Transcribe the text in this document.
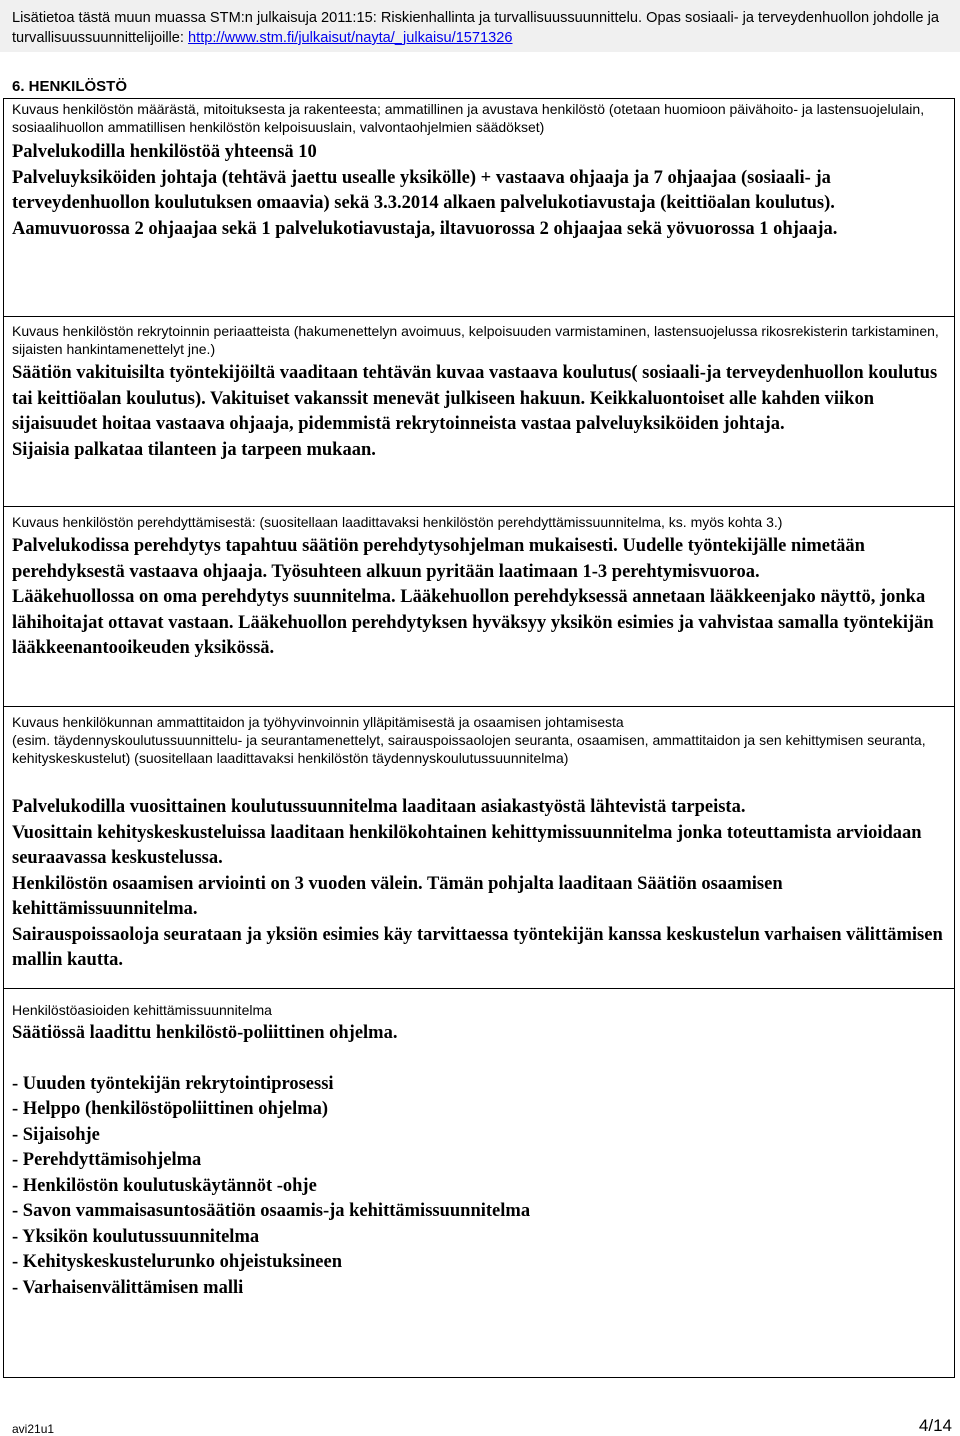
Lisätietoa tästä muun muassa STM:n julkaisuja 2011:15: Riskienhallinta ja turvallisuussuunnittelu. Opas sosiaali- ja terveydenhuollon johdolle ja turvallisuussuunnittelijoille: http://www.stm.fi/julkaisut/nayta/_julkaisu/1571326
6. HENKILÖSTÖ

Kuvaus henkilöstön määrästä, mitoituksesta ja rakenteesta; ammatillinen ja avustava henkilöstö (otetaan huomioon päivähoito- ja lastensuojelulain, sosiaalihuollon ammatillisen henkilöstön kelpoisuuslain, valvontaohjelmien säädökset)

Palvelukodilla henkilöstöä yhteensä 10

Palveluyksiköiden johtaja (tehtävä jaettu usealle yksikölle) + vastaava ohjaaja ja 7 ohjaajaa (sosiaali- ja terveydenhuollon koulutuksen omaavia) sekä 3.3.2014 alkaen palvelukotiavustaja (keittiöalan koulutus).

Aamuvuorossa 2 ohjaajaa sekä 1 palvelukotiavustaja, iltavuorossa 2 ohjaajaa sekä yövuorossa 1 ohjaaja.

Kuvaus henkilöstön rekrytoinnin periaatteista (hakumenettelyn avoimuus, kelpoisuuden varmistaminen, lastensuojelussa rikosrekisterin tarkistaminen, sijaisten hankintamenettelyt jne.)

Säätiön vakituisilta työntekijöiltä vaaditaan tehtävän kuvaa vastaava koulutus( sosiaali-ja terveydenhuollon koulutus tai keittiöalan koulutus). Vakituiset vakanssit menevät julkiseen hakuun. Keikkaluontoiset alle kahden viikon sijaisuudet hoitaa vastaava ohjaaja, pidemmistä rekrytoinneista vastaa palveluyksiköiden johtaja.

Sijaisia palkataa tilanteen ja tarpeen mukaan.

Kuvaus henkilöstön perehdyttämisestä: (suositellaan laadittavaksi henkilöstön perehdyttämissuunnitelma, ks. myös kohta 3.)

Palvelukodissa perehdytys tapahtuu säätiön perehdytysohjelman mukaisesti. Uudelle työntekijälle nimetään perehdyksestä vastaava ohjaaja. Työsuhteen alkuun pyritään laatimaan 1-3 perehtymisvuoroa.

Lääkehuollossa on oma perehdytys suunnitelma. Lääkehuollon perehdyksessä annetaan lääkkeenjako näyttö, jonka lähihoitajat ottavat vastaan. Lääkehuollon perehdytyksen hyväksyy yksikön esimies ja vahvistaa samalla työntekijän lääkkeenantooikeuden yksikössä.

Kuvaus henkilökunnan ammattitaidon ja työhyvinvoinnin ylläpitämisestä ja osaamisen johtamisesta

(esim. täydennyskoulutussuunnittelu- ja seurantamenettelyt, sairauspoissaolojen seuranta, osaamisen, ammattitaidon ja sen kehittymisen seuranta, kehityskeskustelut) (suositellaan laadittavaksi henkilöstön täydennyskoulutussuunnitelma)

Palvelukodilla vuosittainen koulutussuunnitelma laaditaan asiakastyöstä lähtevistä tarpeista.

Vuosittain kehityskeskusteluissa laaditaan henkilökohtainen kehittymissuunnitelma jonka toteuttamista arvioidaan seuraavassa keskustelussa.

Henkilöstön osaamisen arviointi on 3 vuoden välein. Tämän pohjalta laaditaan Säätiön osaamisen kehittämissuunnitelma.

Sairauspoissaoloja seurataan ja yksiön esimies käy tarvittaessa työntekijän kanssa keskustelun varhaisen välittämisen mallin kautta.

Henkilöstöasioiden kehittämissuunnitelma

Säätiössä laadittu henkilöstö-poliittinen ohjelma.

- Uuuden työntekijän rekrytointiprosessi
- Helppo (henkilöstöpoliittinen ohjelma)
- Sijaisohje
- Perehdyttämisohjelma
- Henkilöstön koulutuskäytännöt -ohje
- Savon vammaisasuntosäätiön osaamis-ja kehittämissuunnitelma
- Yksikön koulutussuunnitelma
- Kehityskeskustelurunko ohjeistuksineen
- Varhaisenvälittämisen malli
avi21u1	4/14
